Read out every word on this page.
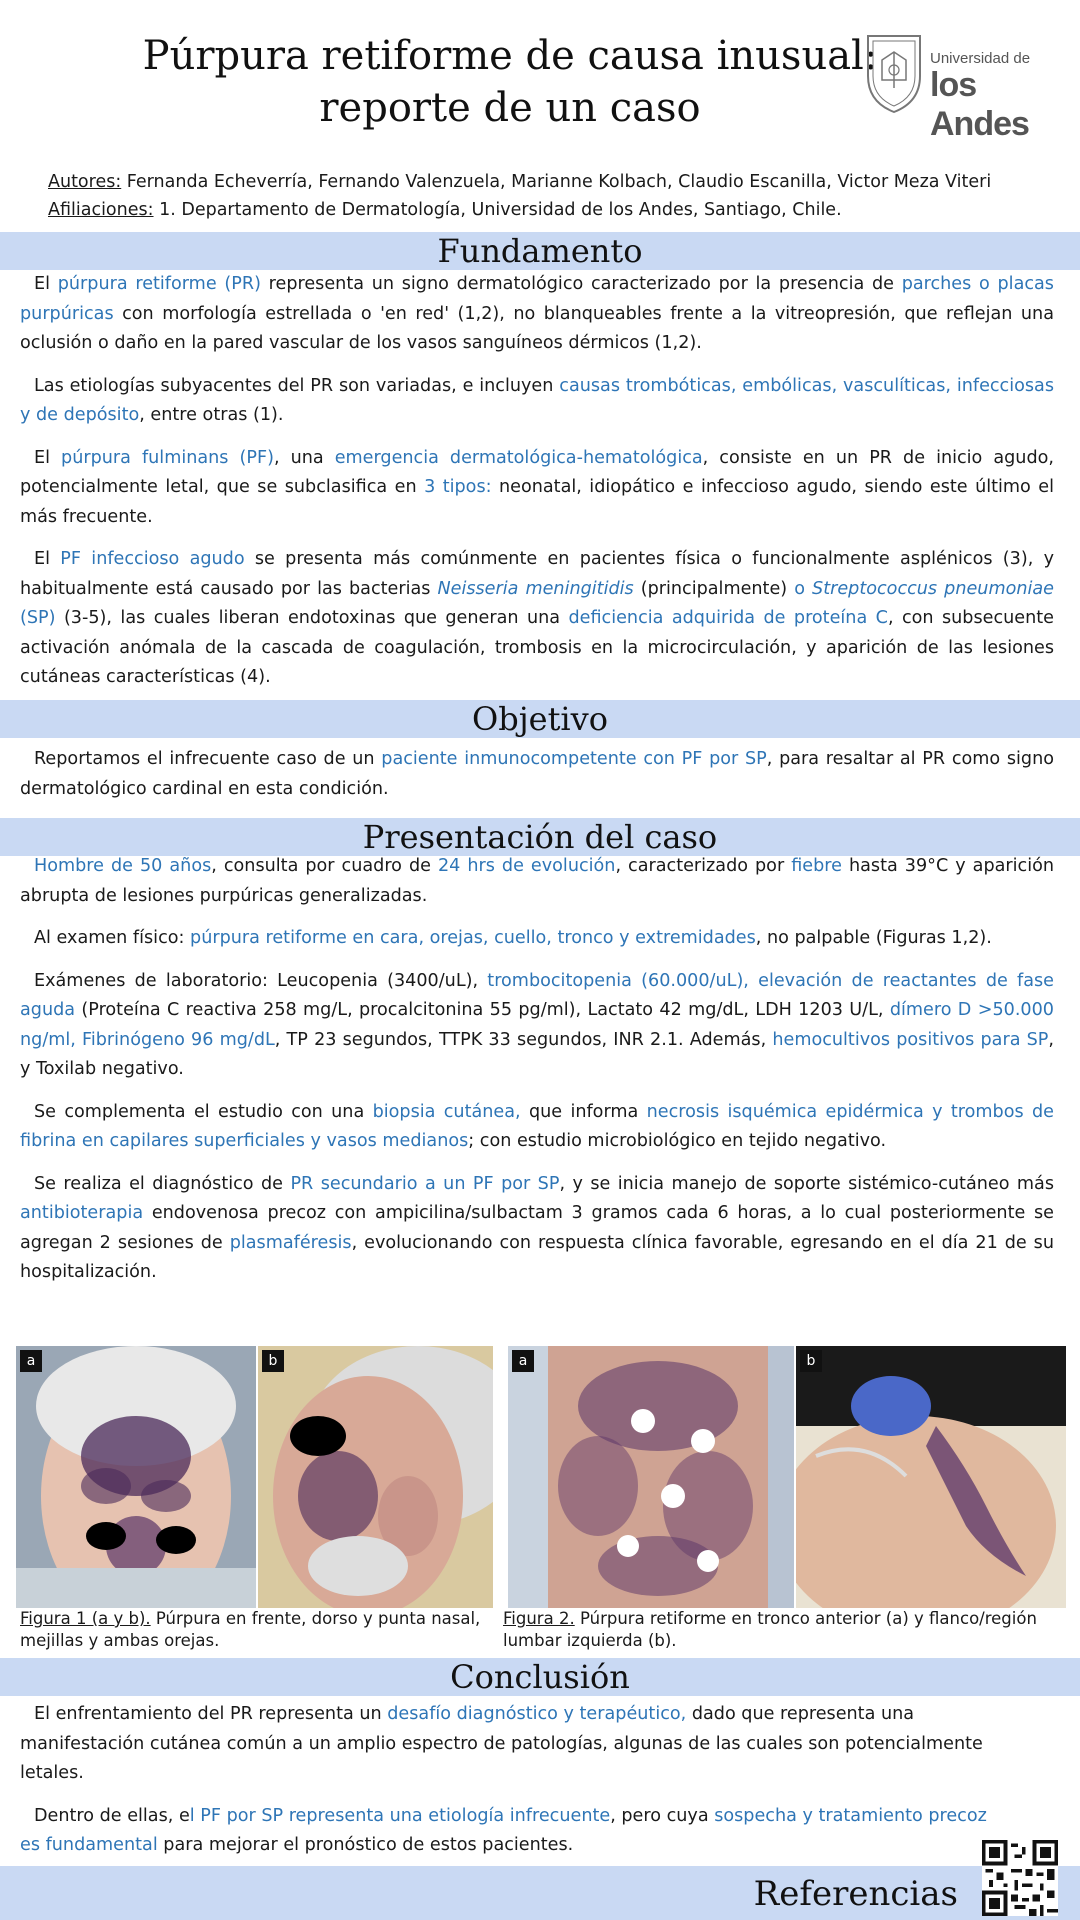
Púrpura retiforme de causa inusual:
reporte de un caso
Universidad de
los Andes
Autores: Fernanda Echeverría, Fernando Valenzuela, Marianne Kolbach, Claudio Escanilla, Victor Meza Viteri
Afiliaciones: 1. Departamento de Dermatología, Universidad de los Andes, Santiago, Chile.
Fundamento

El púrpura retiforme (PR) representa un signo dermatológico caracterizado por la presencia de parches o placas purpúricas con morfología estrellada o 'en red' (1,2), no blanqueables frente a la vitreopresión, que reflejan una oclusión o daño en la pared vascular de los vasos sanguíneos dérmicos (1,2).

Las etiologías subyacentes del PR son variadas, e incluyen causas trombóticas, embólicas, vasculíticas, infecciosas y de depósito, entre otras (1).

El púrpura fulminans (PF), una emergencia dermatológica-hematológica, consiste en un PR de inicio agudo, potencialmente letal, que se subclasifica en 3 tipos: neonatal, idiopático e infeccioso agudo, siendo este último el más frecuente.

El PF infeccioso agudo se presenta más comúnmente en pacientes física o funcionalmente asplénicos (3), y habitualmente está causado por las bacterias Neisseria meningitidis (principalmente) o Streptococcus pneumoniae (SP) (3-5), las cuales liberan endotoxinas que generan una deficiencia adquirida de proteína C, con subsecuente activación anómala de la cascada de coagulación, trombosis en la microcirculación, y aparición de las lesiones cutáneas características (4).

Objetivo

Reportamos el infrecuente caso de un paciente inmunocompetente con PF por SP, para resaltar al PR como signo dermatológico cardinal en esta condición.

Presentación del caso

Hombre de 50 años, consulta por cuadro de 24 hrs de evolución, caracterizado por fiebre hasta 39°C y aparición abrupta de lesiones purpúricas generalizadas.

Al examen físico: púrpura retiforme en cara, orejas, cuello, tronco y extremidades, no palpable (Figuras 1,2).

Exámenes de laboratorio: Leucopenia (3400/uL), trombocitopenia (60.000/uL), elevación de reactantes de fase aguda (Proteína C reactiva 258 mg/L, procalcitonina 55 pg/ml), Lactato 42 mg/dL, LDH 1203 U/L, dímero D >50.000 ng/ml, Fibrinógeno 96 mg/dL, TP 23 segundos, TTPK 33 segundos, INR 2.1. Además, hemocultivos positivos para SP, y Toxilab negativo.

Se complementa el estudio con una biopsia cutánea, que informa necrosis isquémica epidérmica y trombos de fibrina en capilares superficiales y vasos medianos; con estudio microbiológico en tejido negativo.

Se realiza el diagnóstico de PR secundario a un PF por SP, y se inicia manejo de soporte sistémico-cutáneo más antibioterapia endovenosa precoz con ampicilina/sulbactam 3 gramos cada 6 horas, a lo cual posteriormente se agregan 2 sesiones de plasmaféresis, evolucionando con respuesta clínica favorable, egresando en el día 21 de su hospitalización.

a	b	a	b
Figura 1 (a y b). Púrpura en frente, dorso y punta nasal, mejillas y ambas orejas.
Figura 2. Púrpura retiforme en tronco anterior (a) y flanco/región lumbar izquierda (b).
Conclusión

El enfrentamiento del PR representa un desafío diagnóstico y terapéutico, dado que representa una manifestación cutánea común a un amplio espectro de patologías, algunas de las cuales son potencialmente letales.

Dentro de ellas, el PF por SP representa una etiología infrecuente, pero cuya sospecha y tratamiento precoz es fundamental para mejorar el pronóstico de estos pacientes.

Referencias
